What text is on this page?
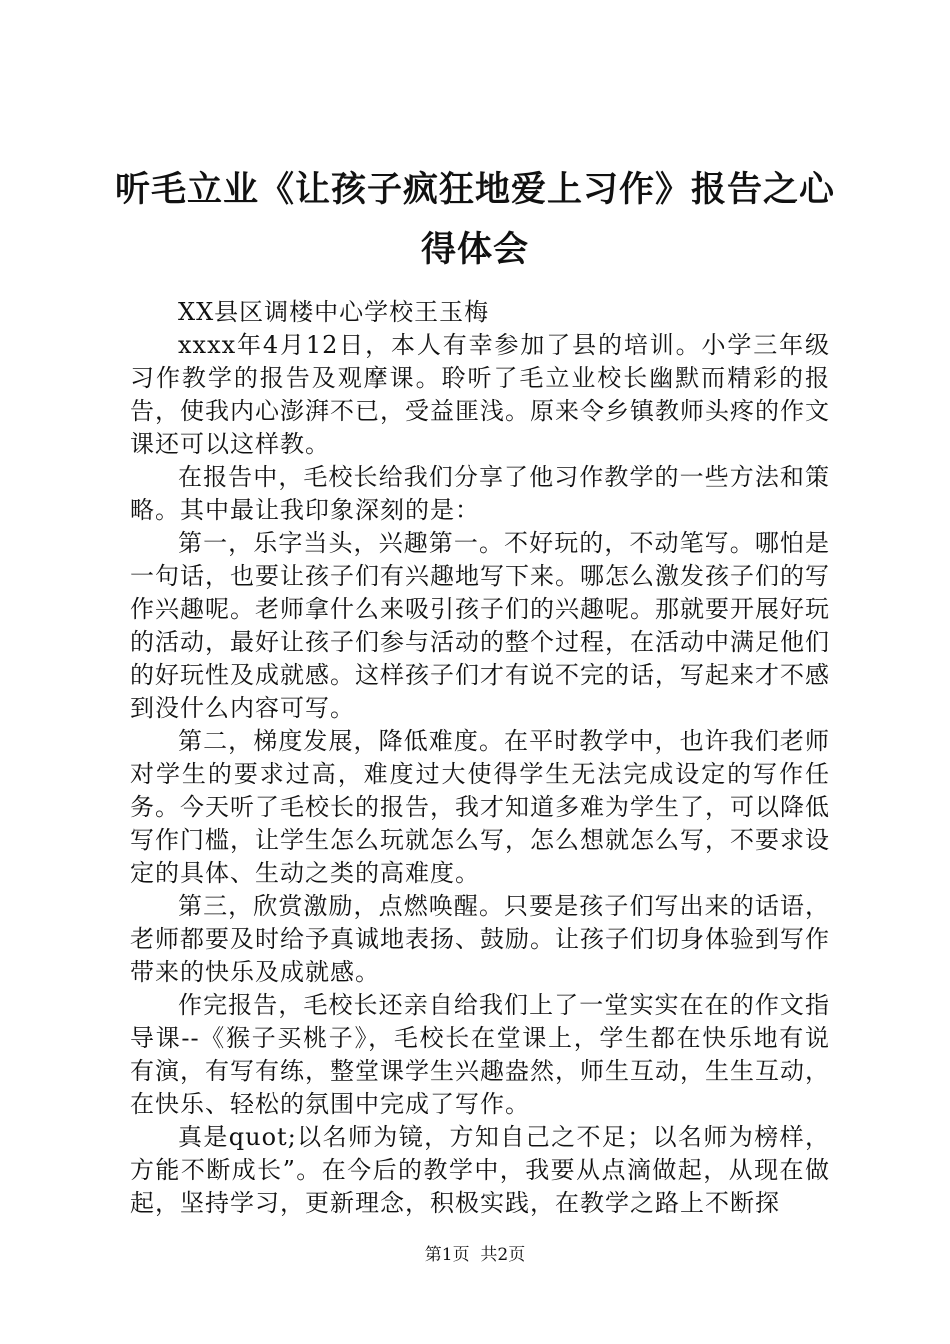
听毛立业《让孩子疯狂地爱上习作》报告之心
得体会

XX县区调楼中心学校王玉梅

xxxx年4月12日，本人有幸参加了县的培训。小学三年级习作教学的报告及观摩课。聆听了毛立业校长幽默而精彩的报告，使我内心澎湃不已，受益匪浅。原来令乡镇教师头疼的作文课还可以这样教。

在报告中，毛校长给我们分享了他习作教学的一些方法和策略。其中最让我印象深刻的是：

第一，乐字当头，兴趣第一。不好玩的，不动笔写。哪怕是一句话，也要让孩子们有兴趣地写下来。哪怎么激发孩子们的写作兴趣呢。老师拿什么来吸引孩子们的兴趣呢。那就要开展好玩的活动，最好让孩子们参与活动的整个过程，在活动中满足他们的好玩性及成就感。这样孩子们才有说不完的话，写起来才不感到没什么内容可写。

第二，梯度发展，降低难度。在平时教学中，也许我们老师对学生的要求过高，难度过大使得学生无法完成设定的写作任务。今天听了毛校长的报告，我才知道多难为学生了，可以降低写作门槛，让学生怎么玩就怎么写，怎么想就怎么写，不要求设定的具体、生动之类的高难度。

第三，欣赏激励，点燃唤醒。只要是孩子们写出来的话语，老师都要及时给予真诚地表扬、鼓励。让孩子们切身体验到写作带来的快乐及成就感。

作完报告，毛校长还亲自给我们上了一堂实实在在的作文指导课--《猴子买桃子》，毛校长在堂课上，学生都在快乐地有说有演，有写有练，整堂课学生兴趣盎然，师生互动，生生互动，在快乐、轻松的氛围中完成了写作。

真是quot;以名师为镜，方知自己之不足；以名师为榜样，方能不断成长”。在今后的教学中，我要从点滴做起，从现在做起，坚持学习，更新理念，积极实践，在教学之路上不断探

第1页 共2页
